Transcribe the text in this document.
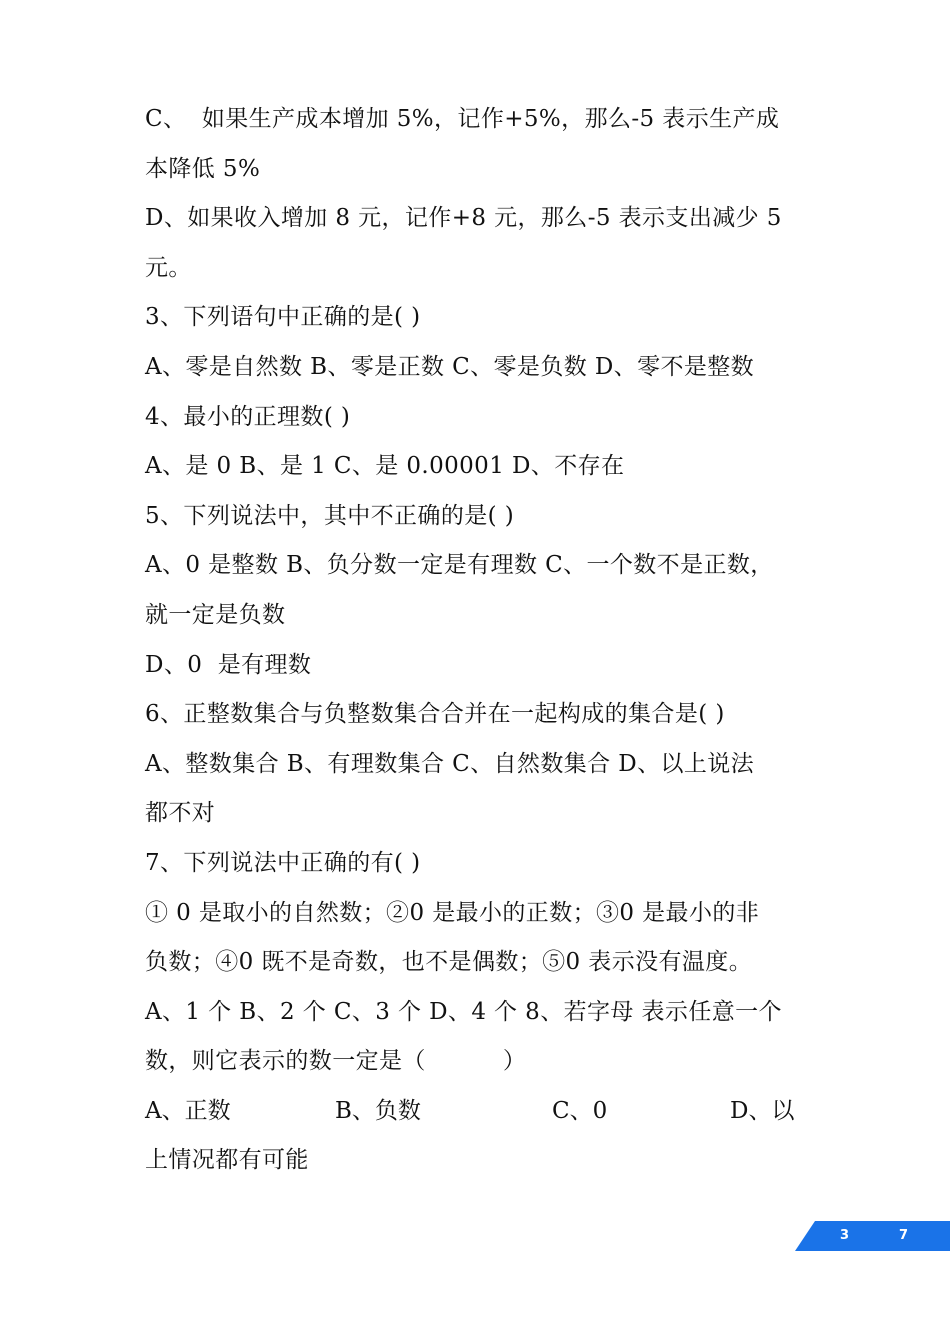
C、  如果生产成本增加 5%，记作+5%，那么-5 表示生产成
本降低 5%
D、如果收入增加 8 元，记作+8 元，那么-5 表示支出减少 5
元。
3、下列语句中正确的是( )
A、零是自然数 B、零是正数 C、零是负数 D、零不是整数
4、最小的正理数( )
A、是 0 B、是 1 C、是 0.00001 D、不存在
5、下列说法中，其中不正确的是( )
A、0 是整数 B、负分数一定是有理数 C、一个数不是正数，
就一定是负数
D、0  是有理数
6、正整数集合与负整数集合合并在一起构成的集合是( )
A、整数集合 B、有理数集合 C、自然数集合 D、以上说法
都不对
7、下列说法中正确的有( )
① 0 是取小的自然数；②0 是最小的正数；③0 是最小的非
负数；④0 既不是奇数，也不是偶数；⑤0 表示没有温度。
A、1 个 B、2 个 C、3 个 D、4 个 8、若字母 表示任意一个
数，则它表示的数一定是（          ）
A、正数	B、负数	C、0	D、以
上情况都有可能
3	7
